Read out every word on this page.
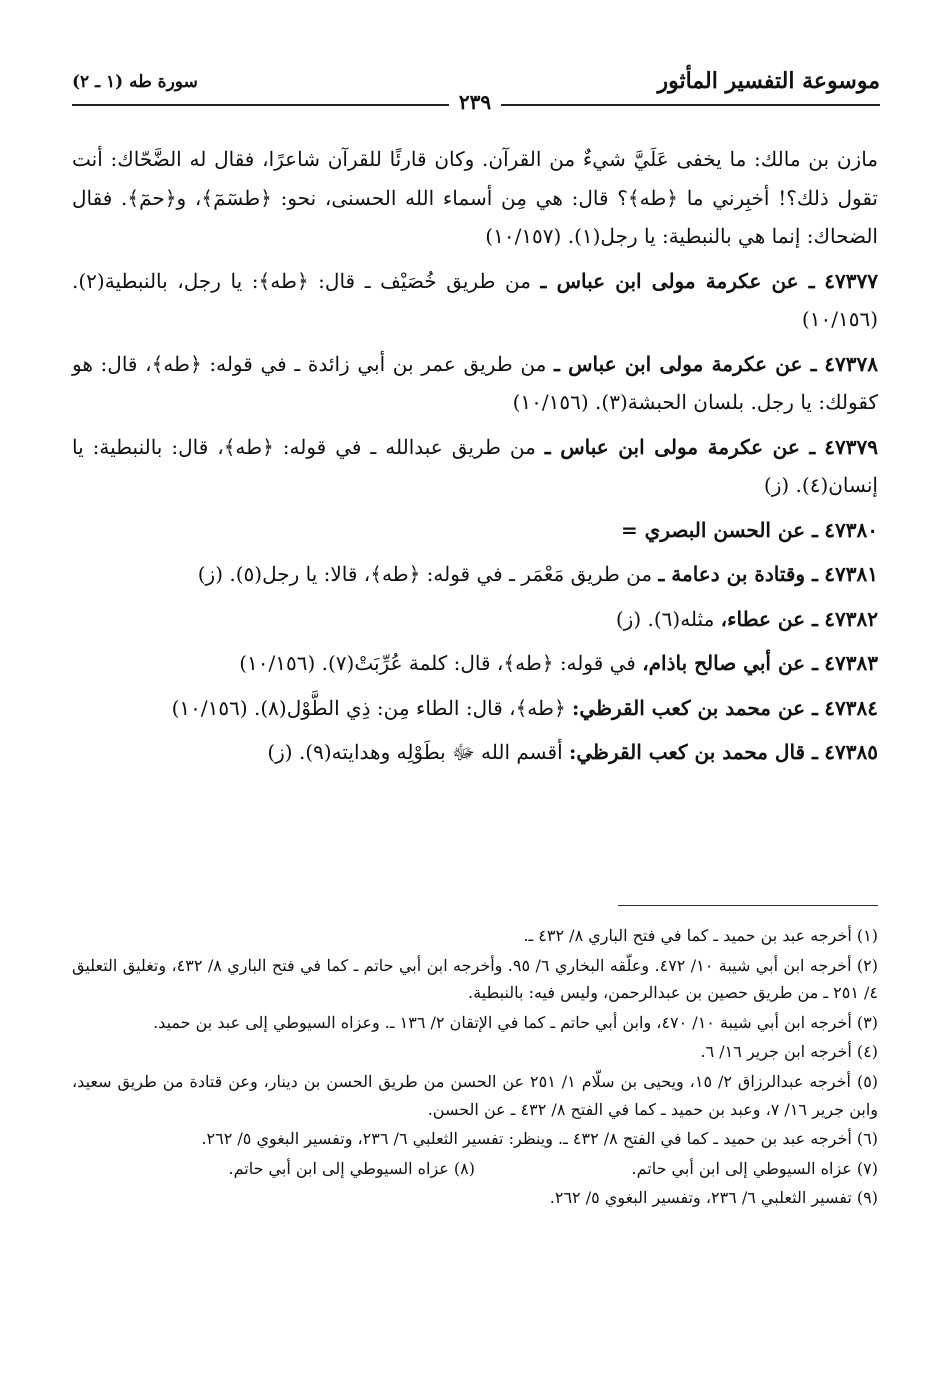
موسوعة التفسير المأثور
سورة طه (١ ـ ٢)
٢٣٩

مازن بن مالك: ما يخفى عَلَيَّ شيءٌ من القرآن. وكان قارئًا للقرآن شاعرًا، فقال له الضَّحّاك: أنت تقول ذلك؟! أخبِرني ما ﴿طه﴾؟ قال: هي مِن أسماء الله الحسنى، نحو: ﴿طسٓمٓ﴾، و﴿حمٓ﴾. فقال الضحاك: إنما هي بالنبطية: يا رجل(١). (١٠/١٥٧)

٤٧٣٧٧ ـ عن عكرمة مولى ابن عباس ـ من طريق خُصَيْف ـ قال: ﴿طه﴾: يا رجل، بالنبطية(٢). (١٠/١٥٦)

٤٧٣٧٨ ـ عن عكرمة مولى ابن عباس ـ من طريق عمر بن أبي زائدة ـ في قوله: ﴿طه﴾، قال: هو كقولك: يا رجل. بلسان الحبشة(٣). (١٠/١٥٦)

٤٧٣٧٩ ـ عن عكرمة مولى ابن عباس ـ من طريق عبدالله ـ في قوله: ﴿طه﴾، قال: بالنبطية: يا إنسان(٤). (ز)

٤٧٣٨٠ ـ عن الحسن البصري =

٤٧٣٨١ ـ وقتادة بن دعامة ـ من طريق مَعْمَر ـ في قوله: ﴿طه﴾، قالا: يا رجل(٥). (ز)

٤٧٣٨٢ ـ عن عطاء، مثله(٦). (ز)

٤٧٣٨٣ ـ عن أبي صالح باذام، في قوله: ﴿طه﴾، قال: كلمة عُرِّبَتْ(٧). (١٠/١٥٦)

٤٧٣٨٤ ـ عن محمد بن كعب القرظي: ﴿طه﴾، قال: الطاء مِن: ذِي الطَّوْل(٨). (١٠/١٥٦)

٤٧٣٨٥ ـ قال محمد بن كعب القرظي: أقسم الله ﷻ بطَوْلِه وهدايته(٩). (ز)

(١) أخرجه عبد بن حميد ـ كما في فتح الباري ٨/ ٤٣٢ ـ.

(٢) أخرجه ابن أبي شيبة ١٠/ ٤٧٢. وعلّقه البخاري ٦/ ٩٥. وأخرجه ابن أبي حاتم ـ كما في فتح الباري ٨/ ٤٣٢، وتغليق التعليق ٤/ ٢٥١ ـ من طريق حصين بن عبدالرحمن، وليس فيه: بالنبطية.

(٣) أخرجه ابن أبي شيبة ١٠/ ٤٧٠، وابن أبي حاتم ـ كما في الإتقان ٢/ ١٣٦ ـ. وعزاه السيوطي إلى عبد بن حميد.

(٤) أخرجه ابن جرير ١٦/ ٦.

(٥) أخرجه عبدالرزاق ٢/ ١٥، ويحيى بن سلّام ١/ ٢٥١ عن الحسن من طريق الحسن بن دينار، وعن قتادة من طريق سعيد، وابن جرير ١٦/ ٧، وعبد بن حميد ـ كما في الفتح ٨/ ٤٣٢ ـ عن الحسن.

(٦) أخرجه عبد بن حميد ـ كما في الفتح ٨/ ٤٣٢ ـ. وينظر: تفسير الثعلبي ٦/ ٢٣٦، وتفسير البغوي ٥/ ٢٦٢.

(٧) عزاه السيوطي إلى ابن أبي حاتم.

(٨) عزاه السيوطي إلى ابن أبي حاتم.

(٩) تفسير الثعلبي ٦/ ٢٣٦، وتفسير البغوي ٥/ ٢٦٢.
